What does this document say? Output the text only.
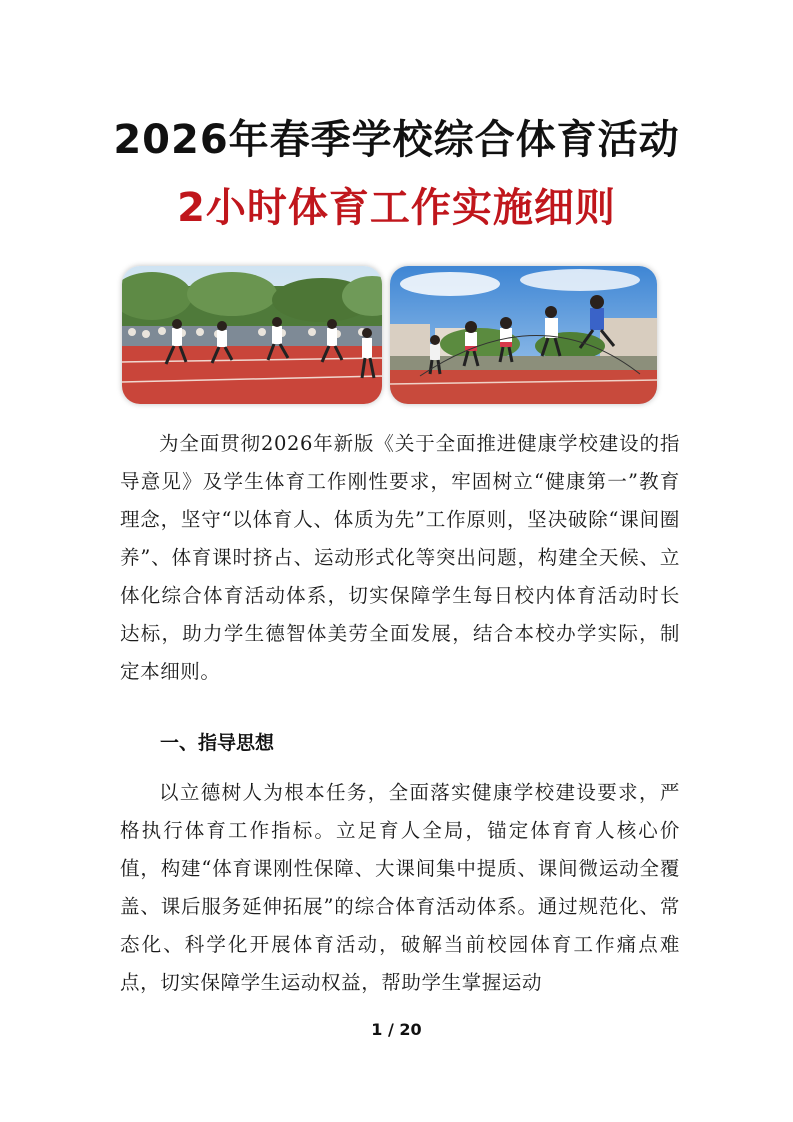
2026年春季学校综合体育活动
2小时体育工作实施细则

为全面贯彻2026年新版《关于全面推进健康学校建设的指导意见》及学生体育工作刚性要求，牢固树立“健康第一”教育理念，坚守“以体育人、体质为先”工作原则，坚决破除“课间圈养”、体育课时挤占、运动形式化等突出问题，构建全天候、立体化综合体育活动体系，切实保障学生每日校内体育活动时长达标，助力学生德智体美劳全面发展，结合本校办学实际，制定本细则。

一、指导思想

以立德树人为根本任务，全面落实健康学校建设要求，严格执行体育工作指标。立足育人全局，锚定体育育人核心价值，构建“体育课刚性保障、大课间集中提质、课间微运动全覆盖、课后服务延伸拓展”的综合体育活动体系。通过规范化、常态化、科学化开展体育活动，破解当前校园体育工作痛点难点，切实保障学生运动权益，帮助学生掌握运动

1 / 20
